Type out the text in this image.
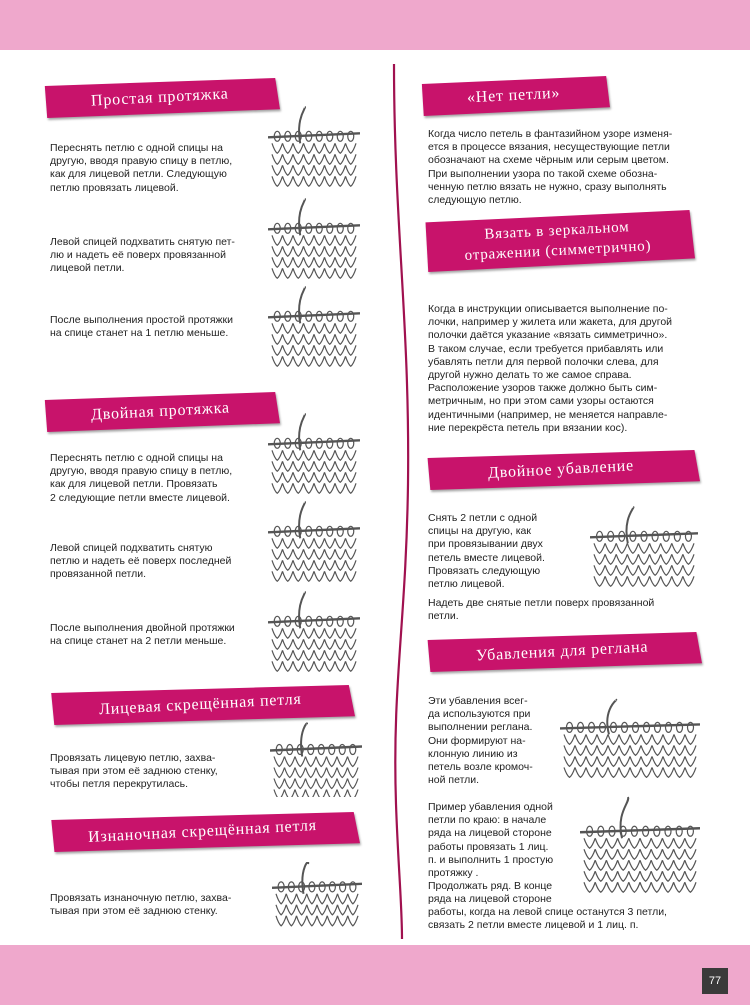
77
Простая протяжка
Переснять петлю с одной спицы на
другую, вводя правую спицу в петлю,
как для лицевой петли. Следующую
петлю провязать лицевой.
Левой спицей подхватить снятую пет-
лю и надеть её поверх провязанной
лицевой петли.
После выполнения простой протяжки
на спице станет на 1 петлю меньше.
Двойная протяжка
Переснять петлю с одной спицы на
другую, вводя правую спицу в петлю,
как для лицевой петли. Провязать
2 следующие петли вместе лицевой.
Левой спицей подхватить снятую
петлю и надеть её поверх последней
провязанной петли.
После выполнения двойной протяжки
на спице станет на 2 петли меньше.
Лицевая скрещённая петля
Провязать лицевую петлю, захва-
тывая при этом её заднюю стенку,
чтобы петля перекрутилась.
Изнаночная скрещённая петля
Провязать изнаночную петлю, захва-
тывая при этом её заднюю стенку.
«Нет петли»
Когда число петель в фантазийном узоре изменя-
ется в процессе вязания, несуществующие петли
обозначают на схеме чёрным или серым цветом.
При выполнении узора по такой схеме обозна-
ченную петлю вязать не нужно, сразу выполнять
следующую петлю.
Вязать в зеркальном
отражении (симметрично)
Когда в инструкции описывается выполнение по-
лочки, например у жилета или жакета, для другой
полочки даётся указание «вязать симметрично».
В таком случае, если требуется прибавлять или
убавлять петли для первой полочки слева, для
другой нужно делать то же самое справа.
Расположение узоров также должно быть сим-
метричным, но при этом сами узоры остаются
идентичными (например, не меняется направле-
ние перекрёста петель при вязании кос).
Двойное убавление
Снять 2 петли с одной
спицы на другую, как
при провязывании двух
петель вместе лицевой.
Провязать следующую
петлю лицевой.
Надеть две снятые петли поверх провязанной
петли.
Убавления для реглана
Эти убавления всег-
да используются при
выполнении реглана.
Они формируют на-
клонную линию из
петель возле кромоч-
ной петли.
Пример убавления одной
петли по краю: в начале
ряда на лицевой стороне
работы провязать 1 лиц.
п. и выполнить 1 простую
протяжку .
Продолжать ряд. В конце
ряда на лицевой стороне
работы, когда на левой спице останутся 3 петли,
связать 2 петли вместе лицевой и 1 лиц. п.
